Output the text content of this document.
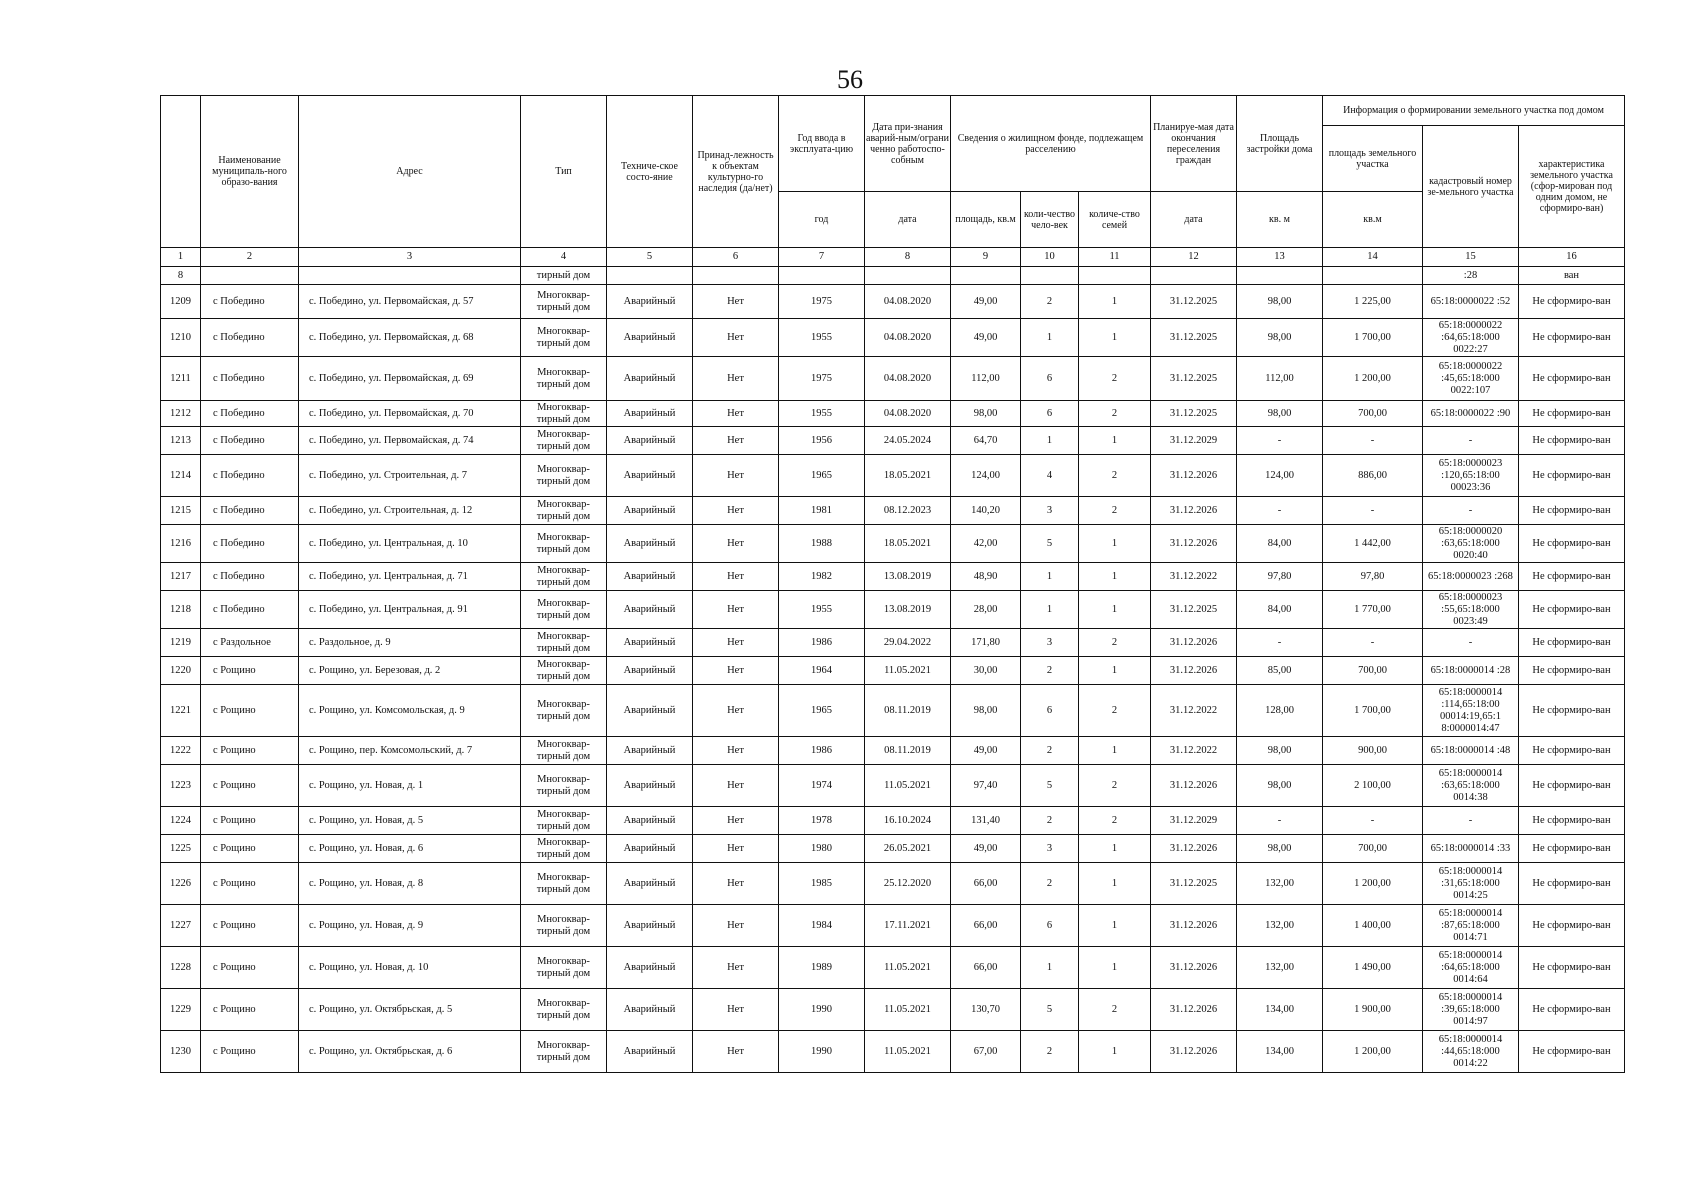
56
	Наименование муниципаль-ного образо-вания	Адрес	Тип	Техниче-ское состо-яние	Принад-лежность к объектам культурно-го наследия (да/нет)	Год ввода в эксплуата-цию	Дата при-знания аварий-ным/ограни ченно работоспо-собным	Сведения о жилищном фонде, подлежащем расселению			Планируе-мая дата окончания переселения граждан	Площадь застройки дома	Информация о формировании земельного участка под домом		
													площадь земельного участка	кадастровый номер зе-мельного участка	характеристика земельного участка (сфор-мирован под одним домом, не сформиро-ван)
						год	дата	площадь, кв.м	коли-чество чело-век	количе-ство семей	дата	кв. м	кв.м		
1	2	3	4	5	6	7	8	9	10	11	12	13	14	15	16
8			тирный дом											:28	ван
1209	с Победино	с. Победино, ул. Первомайская, д. 57	Многоквар-тирный дом	Аварийный	Нет	1975	04.08.2020	49,00	2	1	31.12.2025	98,00	1 225,00	65:18:0000022 :52	Не сформиро-ван
1210	с Победино	с. Победино, ул. Первомайская, д. 68	Многоквар-тирный дом	Аварийный	Нет	1955	04.08.2020	49,00	1	1	31.12.2025	98,00	1 700,00	65:18:0000022 :64,65:18:000 0022:27	Не сформиро-ван
1211	с Победино	с. Победино, ул. Первомайская, д. 69	Многоквар-тирный дом	Аварийный	Нет	1975	04.08.2020	112,00	6	2	31.12.2025	112,00	1 200,00	65:18:0000022 :45,65:18:000 0022:107	Не сформиро-ван
1212	с Победино	с. Победино, ул. Первомайская, д. 70	Многоквар-тирный дом	Аварийный	Нет	1955	04.08.2020	98,00	6	2	31.12.2025	98,00	700,00	65:18:0000022 :90	Не сформиро-ван
1213	с Победино	с. Победино, ул. Первомайская, д. 74	Многоквар-тирный дом	Аварийный	Нет	1956	24.05.2024	64,70	1	1	31.12.2029	-	-	-	Не сформиро-ван
1214	с Победино	с. Победино, ул. Строительная, д. 7	Многоквар-тирный дом	Аварийный	Нет	1965	18.05.2021	124,00	4	2	31.12.2026	124,00	886,00	65:18:0000023 :120,65:18:00 00023:36	Не сформиро-ван
1215	с Победино	с. Победино, ул. Строительная, д. 12	Многоквар-тирный дом	Аварийный	Нет	1981	08.12.2023	140,20	3	2	31.12.2026	-	-	-	Не сформиро-ван
1216	с Победино	с. Победино, ул. Центральная, д. 10	Многоквар-тирный дом	Аварийный	Нет	1988	18.05.2021	42,00	5	1	31.12.2026	84,00	1 442,00	65:18:0000020 :63,65:18:000 0020:40	Не сформиро-ван
1217	с Победино	с. Победино, ул. Центральная, д. 71	Многоквар-тирный дом	Аварийный	Нет	1982	13.08.2019	48,90	1	1	31.12.2022	97,80	97,80	65:18:0000023 :268	Не сформиро-ван
1218	с Победино	с. Победино, ул. Центральная, д. 91	Многоквар-тирный дом	Аварийный	Нет	1955	13.08.2019	28,00	1	1	31.12.2025	84,00	1 770,00	65:18:0000023 :55,65:18:000 0023:49	Не сформиро-ван
1219	с Раздольное	с. Раздольное, д. 9	Многоквар-тирный дом	Аварийный	Нет	1986	29.04.2022	171,80	3	2	31.12.2026	-	-	-	Не сформиро-ван
1220	с Рощино	с. Рощино, ул. Березовая, д. 2	Многоквар-тирный дом	Аварийный	Нет	1964	11.05.2021	30,00	2	1	31.12.2026	85,00	700,00	65:18:0000014 :28	Не сформиро-ван
1221	с Рощино	с. Рощино, ул. Комсомольская, д. 9	Многоквар-тирный дом	Аварийный	Нет	1965	08.11.2019	98,00	6	2	31.12.2022	128,00	1 700,00	65:18:0000014 :114,65:18:00 00014:19,65:1 8:0000014:47	Не сформиро-ван
1222	с Рощино	с. Рощино, пер. Комсомольский, д. 7	Многоквар-тирный дом	Аварийный	Нет	1986	08.11.2019	49,00	2	1	31.12.2022	98,00	900,00	65:18:0000014 :48	Не сформиро-ван
1223	с Рощино	с. Рощино, ул. Новая, д. 1	Многоквар-тирный дом	Аварийный	Нет	1974	11.05.2021	97,40	5	2	31.12.2026	98,00	2 100,00	65:18:0000014 :63,65:18:000 0014:38	Не сформиро-ван
1224	с Рощино	с. Рощино, ул. Новая, д. 5	Многоквар-тирный дом	Аварийный	Нет	1978	16.10.2024	131,40	2	2	31.12.2029	-	-	-	Не сформиро-ван
1225	с Рощино	с. Рощино, ул. Новая, д. 6	Многоквар-тирный дом	Аварийный	Нет	1980	26.05.2021	49,00	3	1	31.12.2026	98,00	700,00	65:18:0000014 :33	Не сформиро-ван
1226	с Рощино	с. Рощино, ул. Новая, д. 8	Многоквар-тирный дом	Аварийный	Нет	1985	25.12.2020	66,00	2	1	31.12.2025	132,00	1 200,00	65:18:0000014 :31,65:18:000 0014:25	Не сформиро-ван
1227	с Рощино	с. Рощино, ул. Новая, д. 9	Многоквар-тирный дом	Аварийный	Нет	1984	17.11.2021	66,00	6	1	31.12.2026	132,00	1 400,00	65:18:0000014 :87,65:18:000 0014:71	Не сформиро-ван
1228	с Рощино	с. Рощино, ул. Новая, д. 10	Многоквар-тирный дом	Аварийный	Нет	1989	11.05.2021	66,00	1	1	31.12.2026	132,00	1 490,00	65:18:0000014 :64,65:18:000 0014:64	Не сформиро-ван
1229	с Рощино	с. Рощино, ул. Октябрьская, д. 5	Многоквар-тирный дом	Аварийный	Нет	1990	11.05.2021	130,70	5	2	31.12.2026	134,00	1 900,00	65:18:0000014 :39,65:18:000 0014:97	Не сформиро-ван
1230	с Рощино	с. Рощино, ул. Октябрьская, д. 6	Многоквар-тирный дом	Аварийный	Нет	1990	11.05.2021	67,00	2	1	31.12.2026	134,00	1 200,00	65:18:0000014 :44,65:18:000 0014:22	Не сформиро-ван
